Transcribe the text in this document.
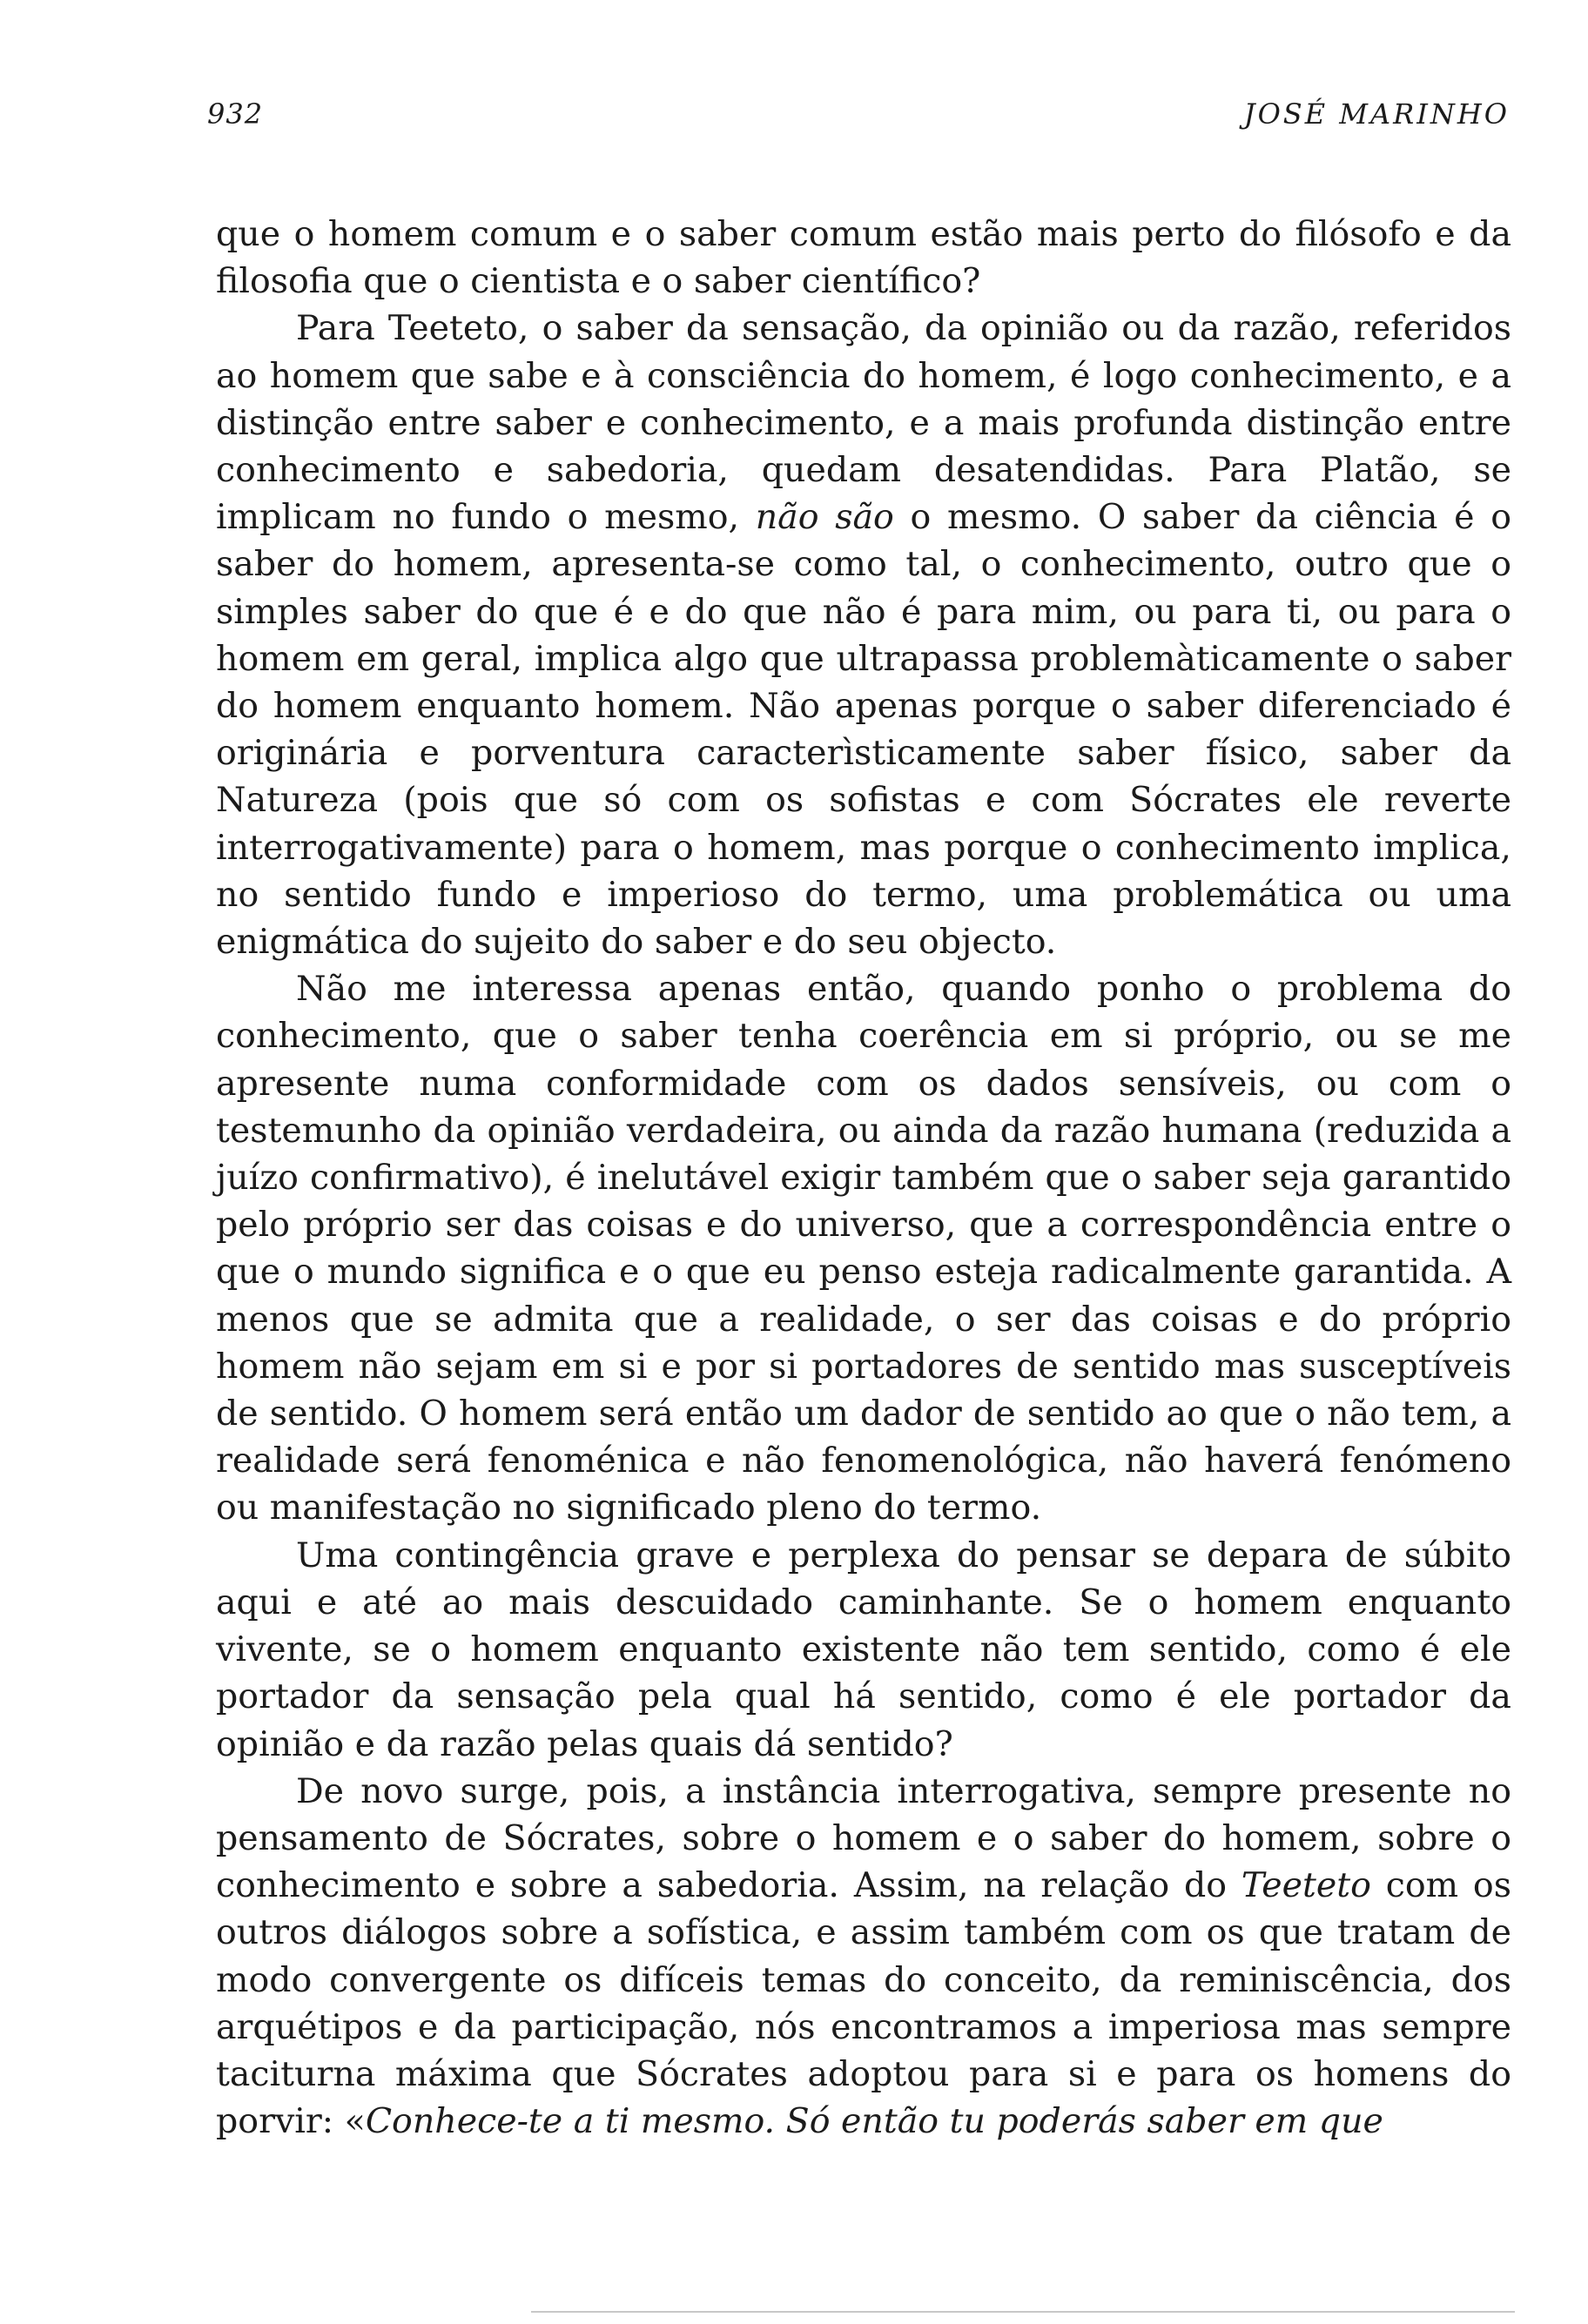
932	JOSÉ MARINHO

que o homem comum e o saber comum estão mais perto do filósofo e da filosofia que o cientista e o saber científico?

Para Teeteto, o saber da sensação, da opinião ou da razão, referidos ao homem que sabe e à consciência do homem, é logo conhecimento, e a distinção entre saber e conhecimento, e a mais profunda distinção entre conhecimento e sabedoria, quedam desatendidas. Para Platão, se implicam no fundo o mesmo, não são o mesmo. O saber da ciência é o saber do homem, apresenta-se como tal, o conhecimento, outro que o simples saber do que é e do que não é para mim, ou para ti, ou para o homem em geral, implica algo que ultrapassa problemàticamente o saber do homem enquanto homem. Não apenas porque o saber diferenciado é originária e porventura caracterìsticamente saber físico, saber da Natureza (pois que só com os sofistas e com Sócrates ele reverte interrogativamente) para o homem, mas porque o conhecimento implica, no sentido fundo e imperioso do termo, uma problemática ou uma enigmática do sujeito do saber e do seu objecto.

Não me interessa apenas então, quando ponho o problema do conhecimento, que o saber tenha coerência em si próprio, ou se me apresente numa conformidade com os dados sensíveis, ou com o testemunho da opinião verdadeira, ou ainda da razão humana (reduzida a juízo confirmativo), é inelutável exigir também que o saber seja garantido pelo próprio ser das coisas e do universo, que a correspondência entre o que o mundo significa e o que eu penso esteja radicalmente garantida. A menos que se admita que a realidade, o ser das coisas e do próprio homem não sejam em si e por si portadores de sentido mas susceptíveis de sentido. O homem será então um dador de sentido ao que o não tem, a realidade será fenoménica e não fenomenológica, não haverá fenómeno ou manifestação no significado pleno do termo.

Uma contingência grave e perplexa do pensar se depara de súbito aqui e até ao mais descuidado caminhante. Se o homem enquanto vivente, se o homem enquanto existente não tem sentido, como é ele portador da sensação pela qual há sentido, como é ele portador da opinião e da razão pelas quais dá sentido?

De novo surge, pois, a instância interrogativa, sempre presente no pensamento de Sócrates, sobre o homem e o saber do homem, sobre o conhecimento e sobre a sabedoria. Assim, na relação do Teeteto com os outros diálogos sobre a sofística, e assim também com os que tratam de modo convergente os difíceis temas do conceito, da reminiscência, dos arquétipos e da participação, nós encontramos a imperiosa mas sempre taciturna máxima que Sócrates adoptou para si e para os homens do porvir: «Conhece-te a ti mesmo. Só então tu poderás saber em que
